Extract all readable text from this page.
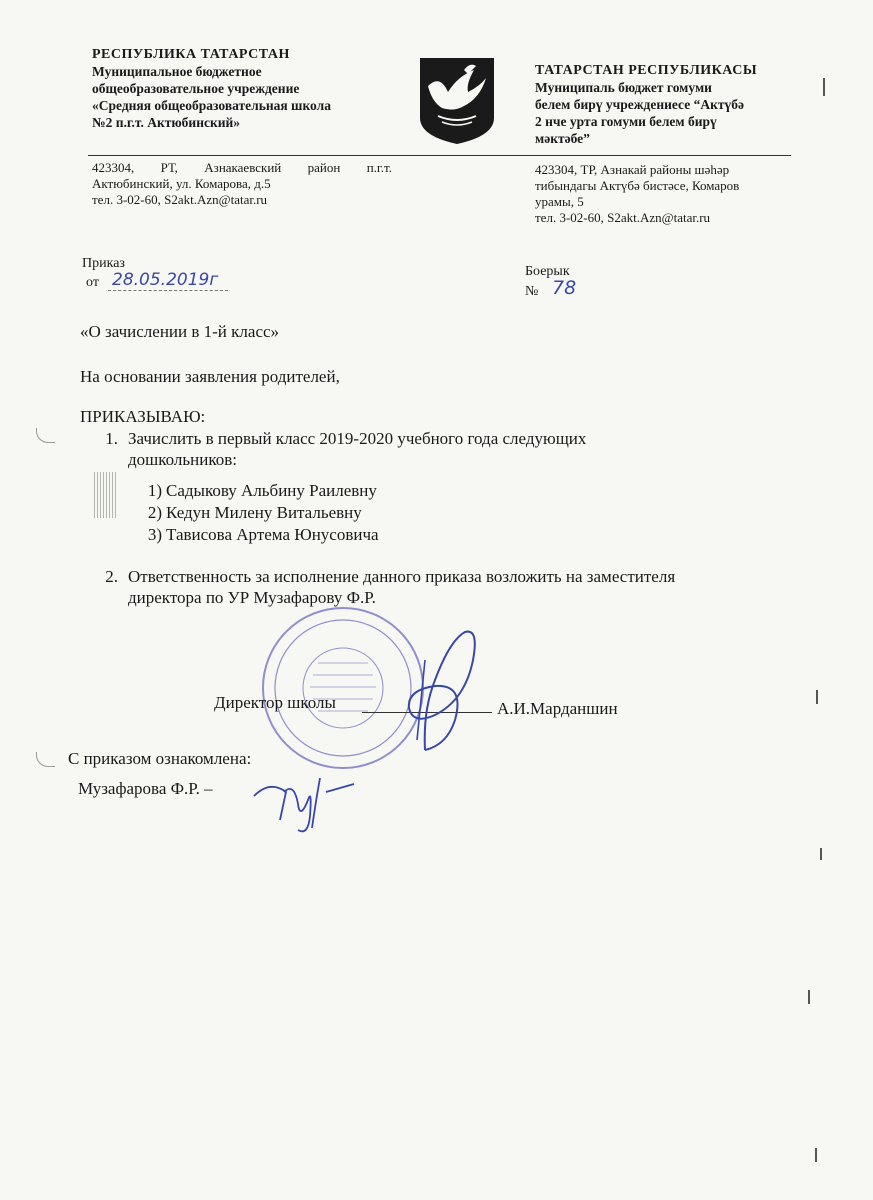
РЕСПУБЛИКА ТАТАРСТАН
Муниципальное бюджетное
общеобразовательное учреждение
«Средняя общеобразовательная школа
№2 п.г.т. Актюбинский»
ТАТАРСТАН РЕСПУБЛИКАСЫ
Муниципаль бюджет гомуми
белем бирү учреждениесе “Актүбә
2 нче урта гомуми белем бирү
мәктәбе”
423304, РТ, Азнакаевский район п.г.т.
Актюбинский, ул. Комарова, д.5
тел. 3-02-60, S2akt.Azn@tatar.ru
423304, ТР, Азнакай районы шәһәр
тибындагы Актүбә бистәсе, Комаров
урамы, 5
тел. 3-02-60, S2akt.Azn@tatar.ru
Приказ
от 28.05.2019г	Боерык
№ 78
«О зачислении в 1-й класс»
На основании заявления родителей,
ПРИКАЗЫВАЮ:
1. Зачислить в первый класс 2019-2020 учебного года следующих
дошкольников:
1) Садыкову Альбину Раилевну
2) Кедун Милену Витальевну
3) Тависова Артема Юнусовича
2. Ответственность за исполнение данного приказа возложить на заместителя
директора по УР Музафарову Ф.Р.
Директор школы	А.И.Марданшин
С приказом ознакомлена:
Музафарова Ф.Р. –
